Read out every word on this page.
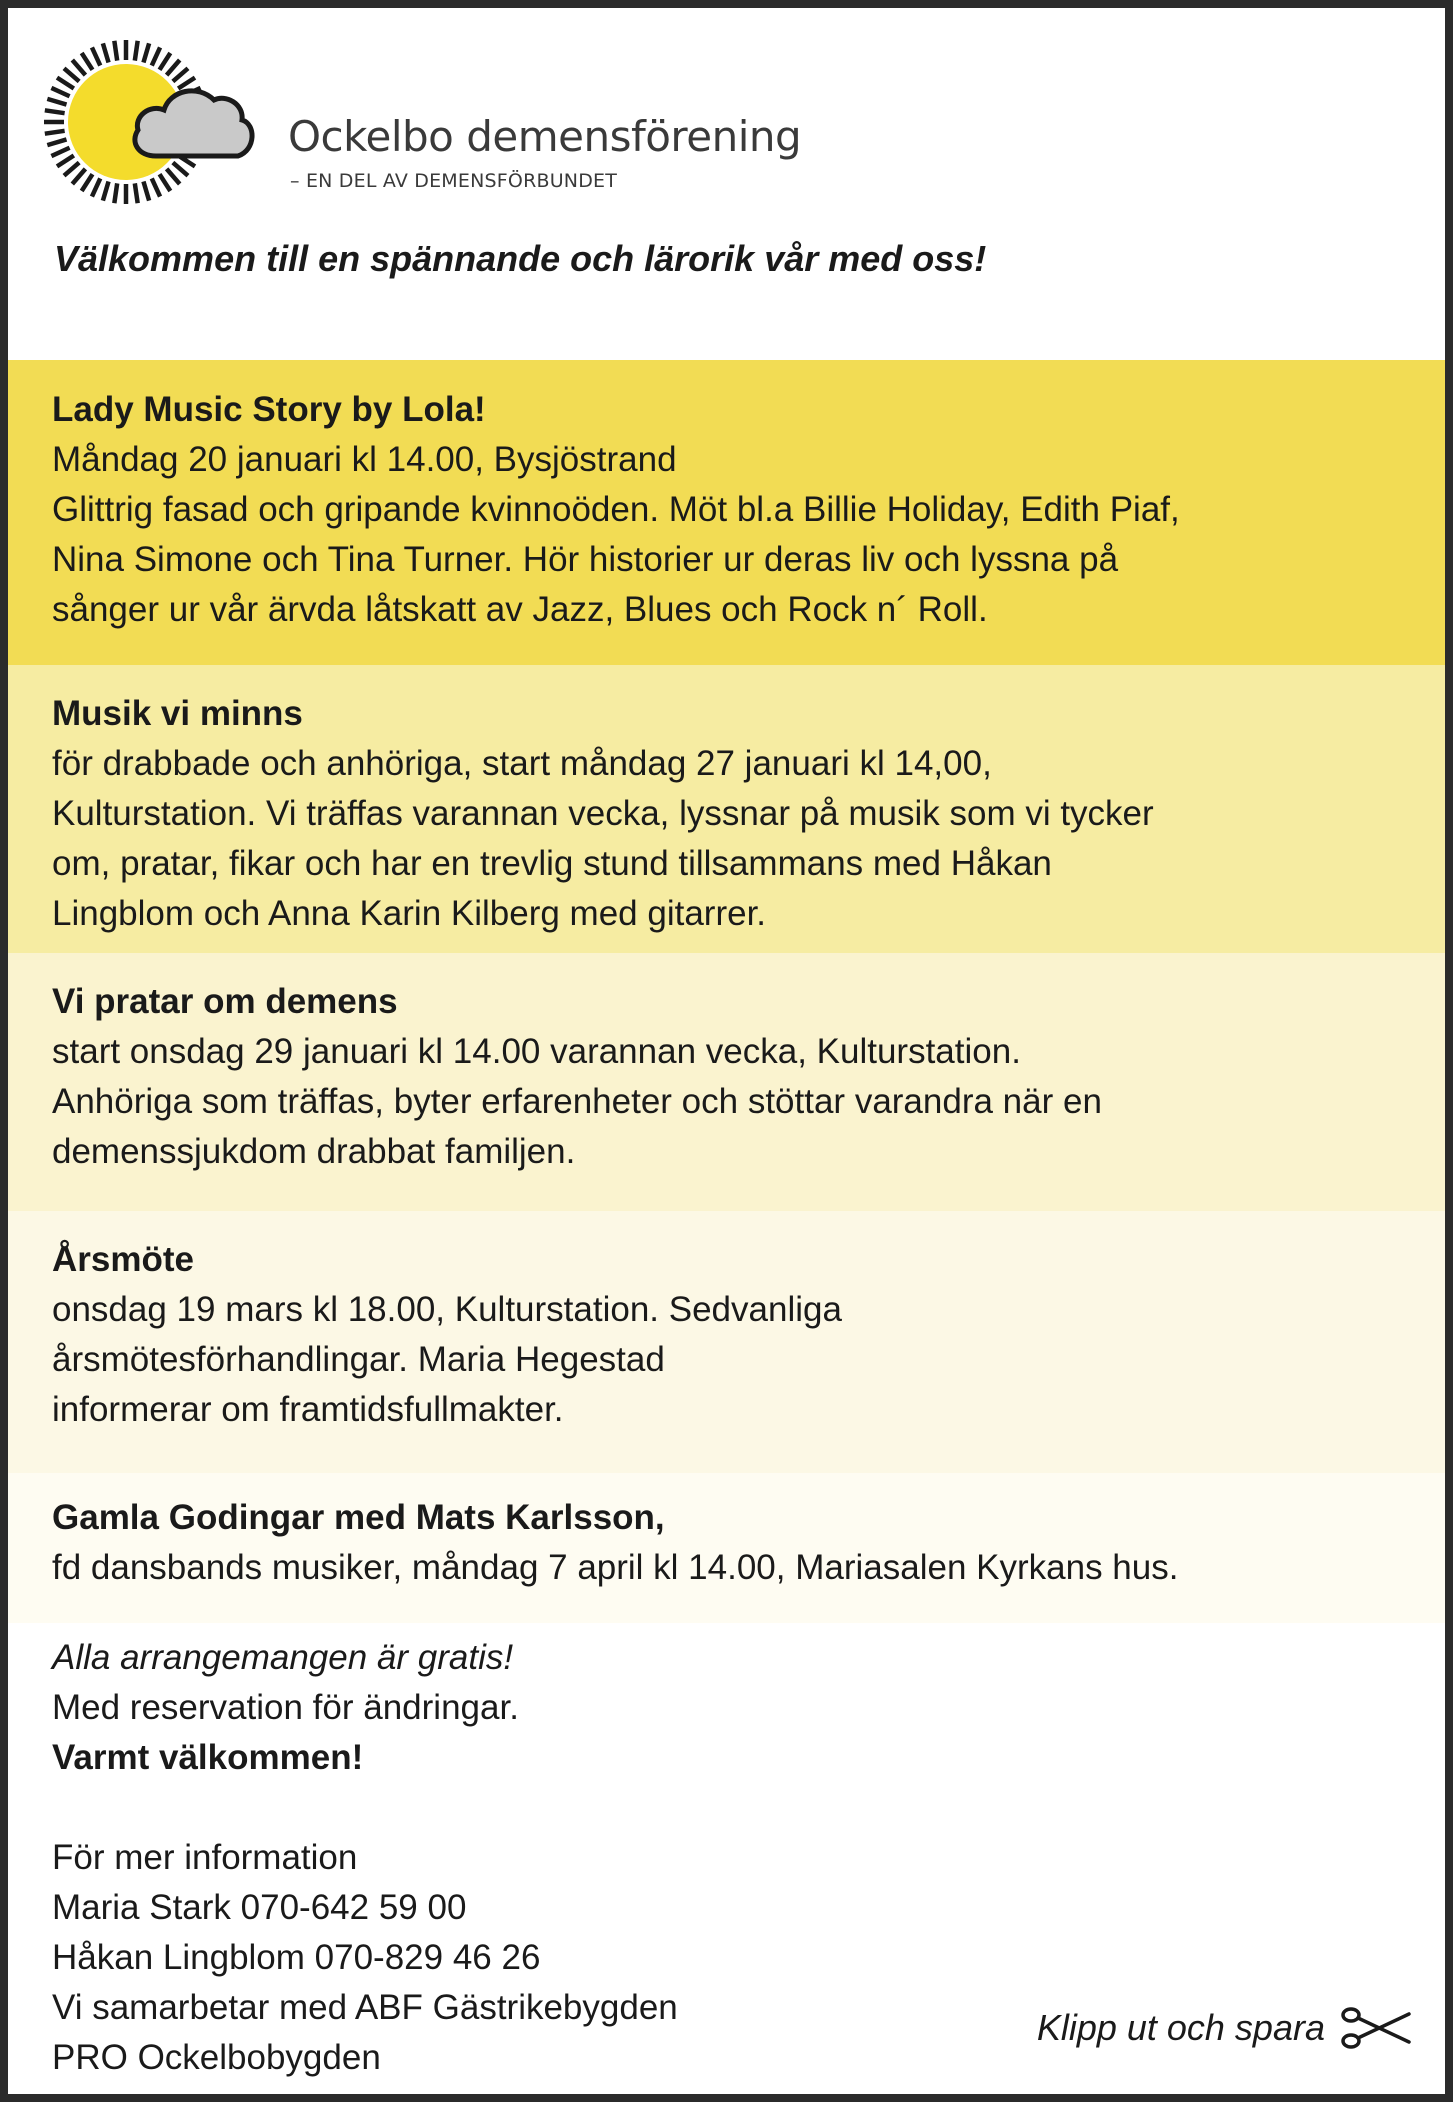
Ockelbo demensförening
– EN DEL AV DEMENSFÖRBUNDET
Välkommen till en spännande och lärorik vår med oss!
Lady Music Story by Lola!
Måndag 20 januari kl 14.00, Bysjöstrand
Glittrig fasad och gripande kvinnoöden. Möt bl.a Billie Holiday, Edith Piaf,
Nina Simone och Tina Turner. Hör historier ur deras liv och lyssna på
sånger ur vår ärvda låtskatt av Jazz, Blues och Rock n´ Roll.
Musik vi minns
för drabbade och anhöriga, start måndag 27 januari kl 14,00,
Kulturstation. Vi träffas varannan vecka, lyssnar på musik som vi tycker
om, pratar, fikar och har en trevlig stund tillsammans med Håkan
Lingblom och Anna Karin Kilberg med gitarrer.
Vi pratar om demens
start onsdag 29 januari kl 14.00 varannan vecka, Kulturstation.
Anhöriga som träffas, byter erfarenheter och stöttar varandra när en
demenssjukdom drabbat familjen.
Årsmöte
onsdag 19 mars kl 18.00, Kulturstation. Sedvanliga
årsmötesförhandlingar. Maria Hegestad
informerar om framtidsfullmakter.
Gamla Godingar med Mats Karlsson,
fd dansbands musiker, måndag 7 april kl 14.00, Mariasalen Kyrkans hus.
Alla arrangemangen är gratis!
Med reservation för ändringar.
Varmt välkommen!
För mer information
Maria Stark 070-642 59 00
Håkan Lingblom 070-829 46 26
Vi samarbetar med ABF Gästrikebygden
PRO Ockelbobygden
Klipp ut och spara
